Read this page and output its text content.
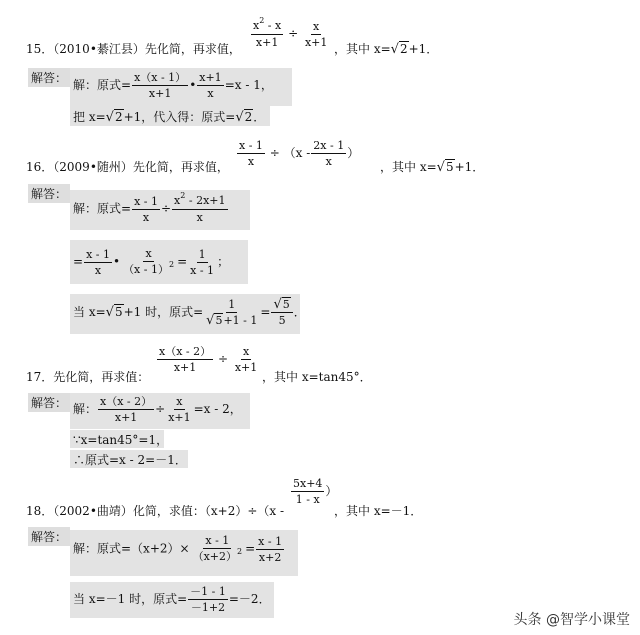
15．（2010•綦江县）先化简，再求值， $\frac{x^2 - x}{x+1} \div \frac{x}{x+1}$ ，其中 x=√2+1．
解答： 解：原式= $\frac{x(x - 1)}{x+1}$ • $\frac{x+1}{x} =x - 1$，
把 x=√2+1，代入得：原式=√2．
16．（2009•随州）先化简，再求值， $\frac{x - 1}{x} \div (x - \frac{2x - 1}{x}$ ）
，其中 x=√5+1．
解答：
解：原式= $\frac{x - 1}{x} \div \frac{x^2 - 2x+1}{x}$
= $\frac{x - 1}{x}$ • $\frac{x}{(x - 1)^2} = \frac{1}{x - 1}$ ；
当 x=√5+1 时，原式= $\frac{1}{√5+1 - 1} = \frac{√5}{5}$ ．
17．先化简，再求值：
$\frac{x(x - 2)}{x+1} \div \frac{x}{x+1}$
，其中 x=tan45°．
解答： 解： $\frac{x(x - 2)}{x+1} \div \frac{x}{x+1} =x - 2$，
∵x=tan45°=1，
∴原式=x - 2=－1．
18．（2002•曲靖）化简，求值：（x+2）÷（x -
$\frac{5x+4}{1 - x}$ ）
，其中 x=－1．
解答：
解：原式$=(x+2)\times \frac{x - 1}{(x+2)^2} = \frac{x - 1}{x+2}$
当 x=－1 时，原式= $\frac{-1 - 1}{-1+2} =-2$．
头条 @智学小课堂
